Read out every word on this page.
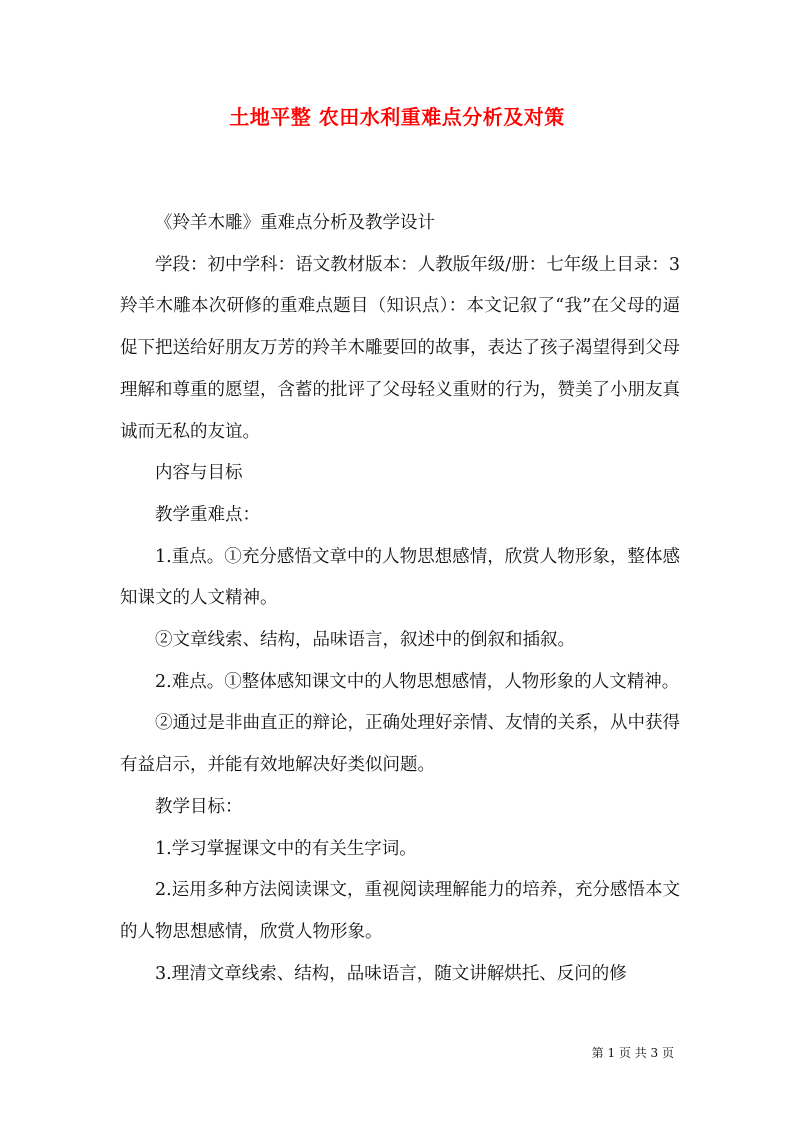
土地平整 农田水利重难点分析及对策

《羚羊木雕》重难点分析及教学设计

学段：初中学科：语文教材版本：人教版年级/册：七年级上目录：3羚羊木雕本次研修的重难点题目（知识点）：本文记叙了“我”在父母的逼促下把送给好朋友万芳的羚羊木雕要回的故事，表达了孩子渴望得到父母理解和尊重的愿望，含蓄的批评了父母轻义重财的行为，赞美了小朋友真诚而无私的友谊。

内容与目标

教学重难点：

1.重点。①充分感悟文章中的人物思想感情，欣赏人物形象，整体感知课文的人文精神。

②文章线索、结构，品味语言，叙述中的倒叙和插叙。

2.难点。①整体感知课文中的人物思想感情，人物形象的人文精神。

②通过是非曲直正的辩论，正确处理好亲情、友情的关系，从中获得有益启示，并能有效地解决好类似问题。

教学目标：

1.学习掌握课文中的有关生字词。

2.运用多种方法阅读课文，重视阅读理解能力的培养，充分感悟本文的人物思想感情，欣赏人物形象。

3.理清文章线索、结构，品味语言，随文讲解烘托、反问的修

第 1 页 共 3 页
